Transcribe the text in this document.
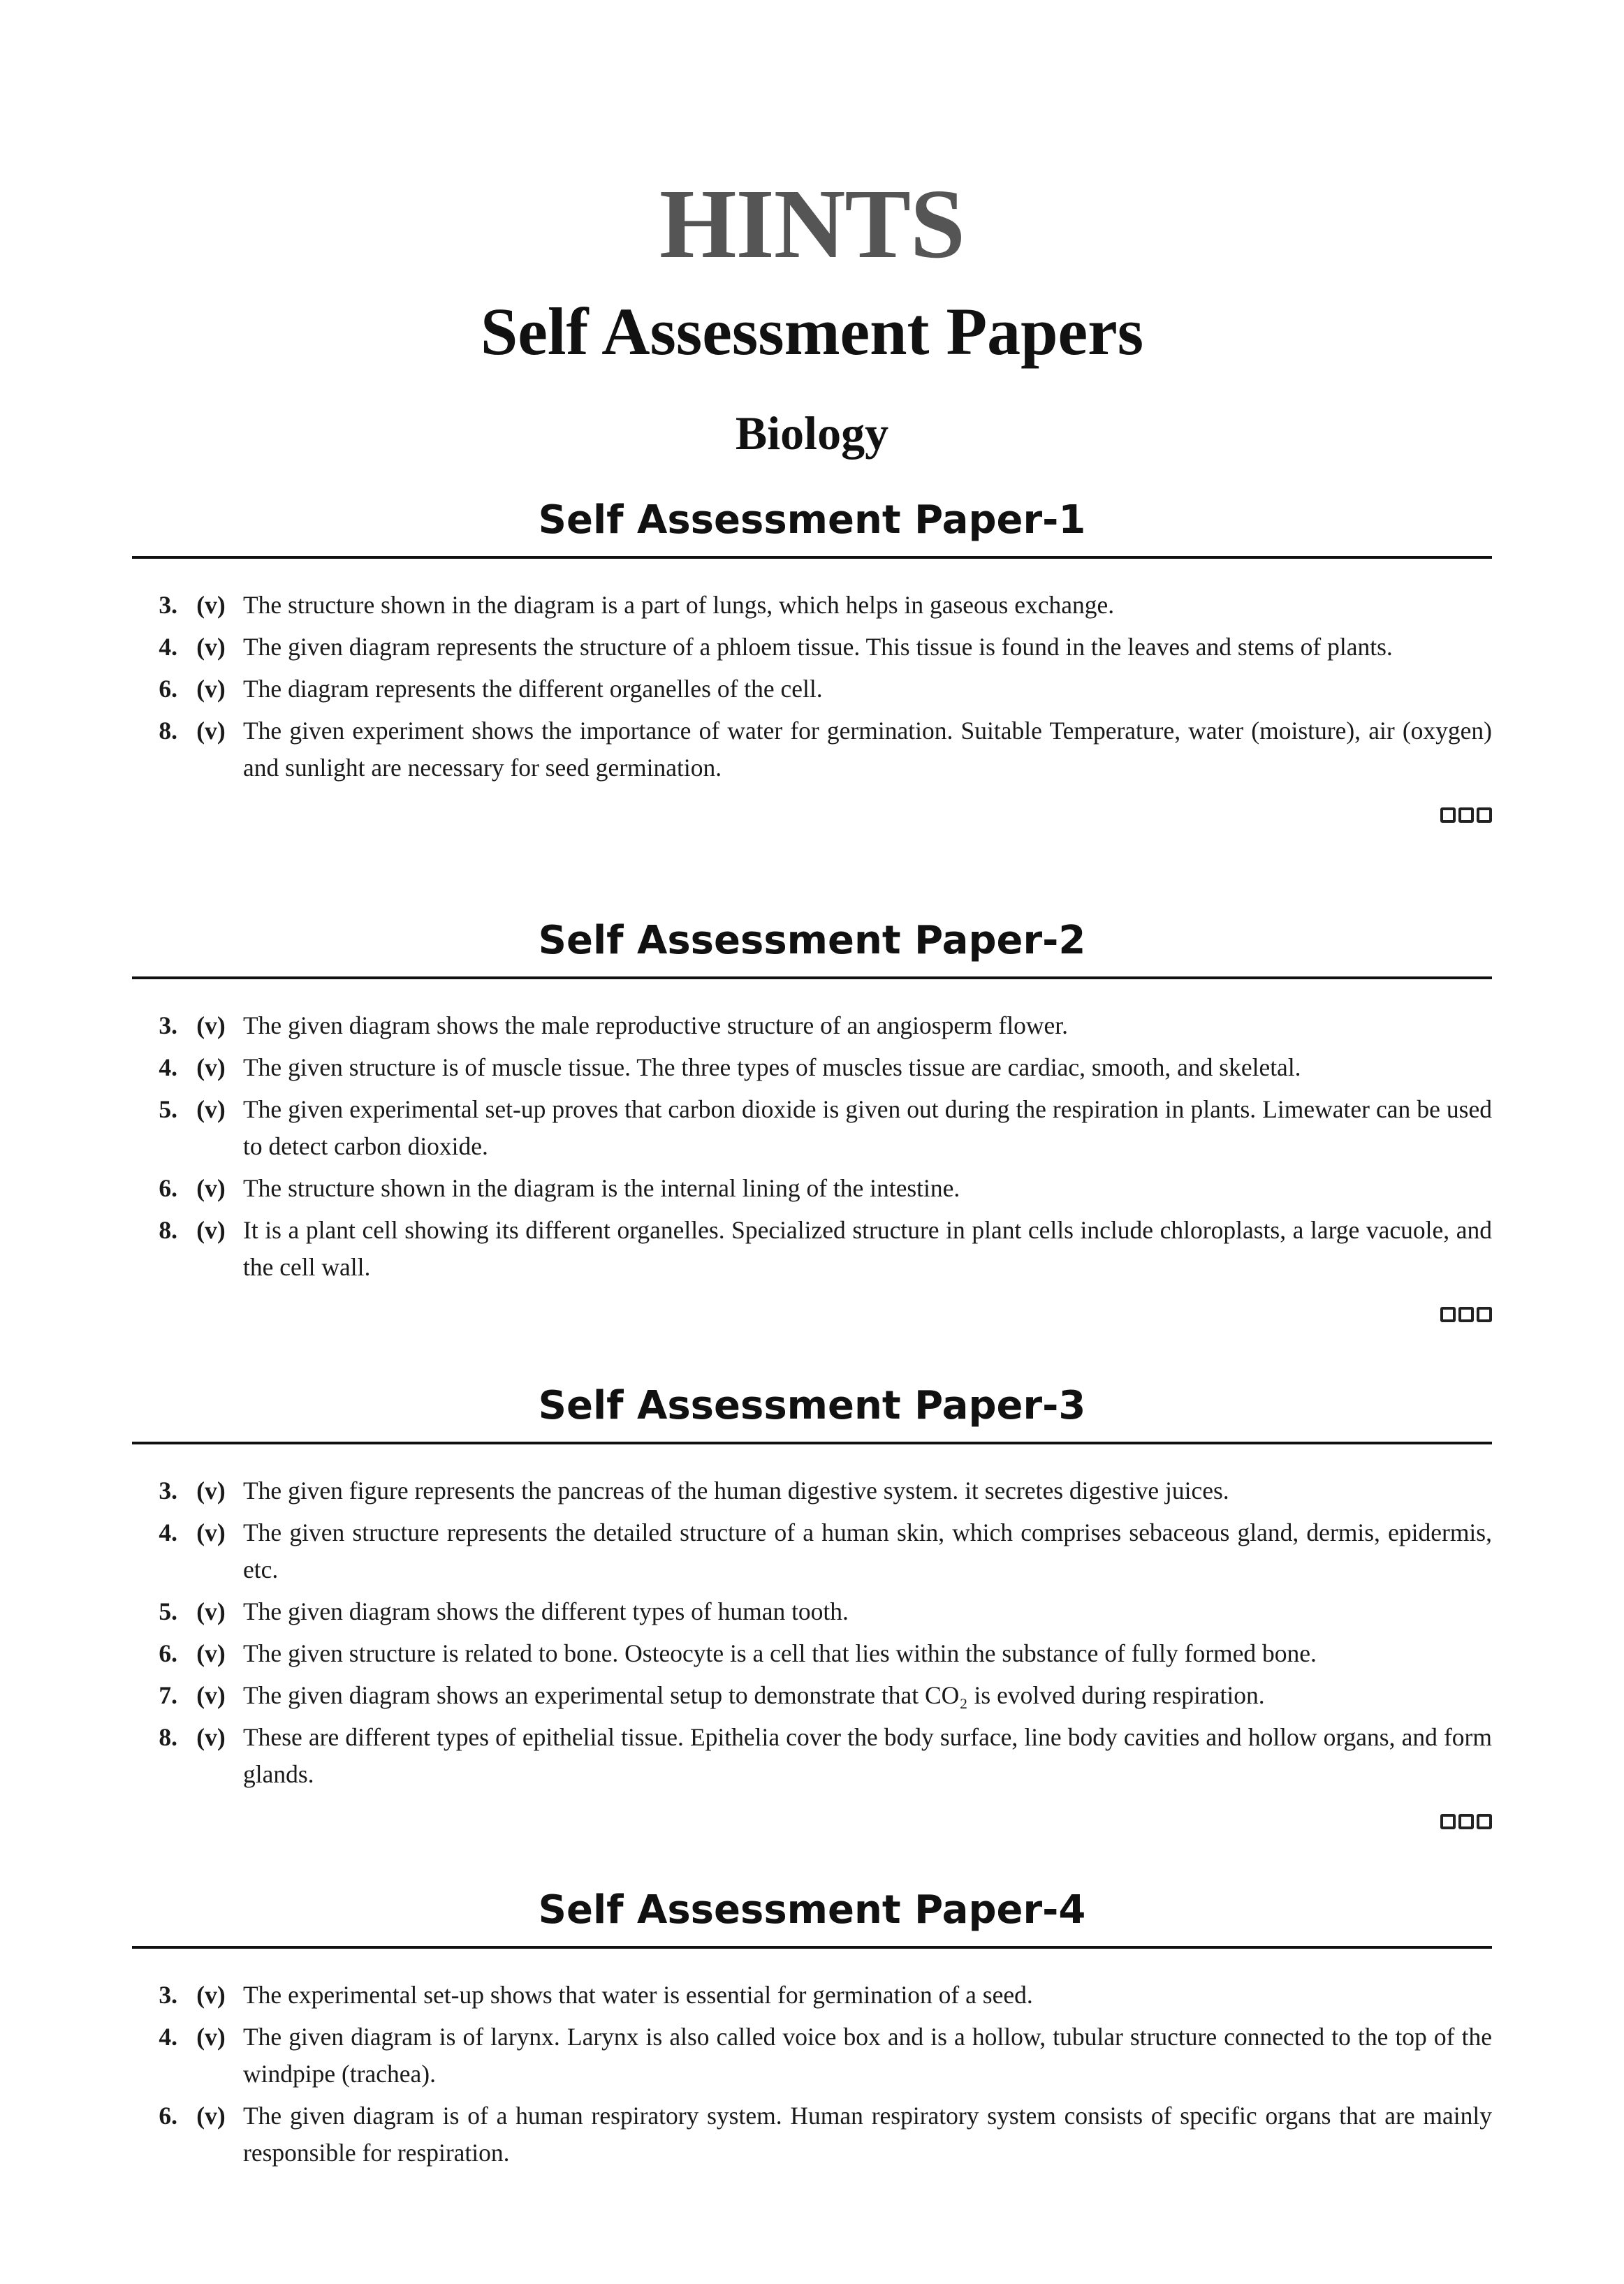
HINTS
Self Assessment Papers
Biology
Self Assessment Paper-1
3. (v) The structure shown in the diagram is a part of lungs, which helps in gaseous exchange.
4. (v) The given diagram represents the structure of a phloem tissue. This tissue is found in the leaves and stems of plants.
6. (v) The diagram represents the different organelles of the cell.
8. (v) The given experiment shows the importance of water for germination. Suitable Temperature, water (moisture), air (oxygen) and sunlight are necessary for seed germination.
Self Assessment Paper-2
3. (v) The given diagram shows the male reproductive structure of an angiosperm flower.
4. (v) The given structure is of muscle tissue. The three types of muscles tissue are cardiac, smooth, and skeletal.
5. (v) The given experimental set-up proves that carbon dioxide is given out during the respiration in plants. Limewater can be used to detect carbon dioxide.
6. (v) The structure shown in the diagram is the internal lining of the intestine.
8. (v) It is a plant cell showing its different organelles. Specialized structure in plant cells include chloroplasts, a large vacuole, and the cell wall.
Self Assessment Paper-3
3. (v) The given figure represents the pancreas of the human digestive system. it secretes digestive juices.
4. (v) The given structure represents the detailed structure of a human skin, which comprises sebaceous gland, dermis, epidermis, etc.
5. (v) The given diagram shows the different types of human tooth.
6. (v) The given structure is related to bone. Osteocyte is a cell that lies within the substance of fully formed bone.
7. (v) The given diagram shows an experimental setup to demonstrate that CO₂ is evolved during respiration.
8. (v) These are different types of epithelial tissue. Epithelia cover the body surface, line body cavities and hollow organs, and form glands.
Self Assessment Paper-4
3. (v) The experimental set-up shows that water is essential for germination of a seed.
4. (v) The given diagram is of larynx. Larynx is also called voice box and is a hollow, tubular structure connected to the top of the windpipe (trachea).
6. (v) The given diagram is of a human respiratory system. Human respiratory system consists of specific organs that are mainly responsible for respiration.
